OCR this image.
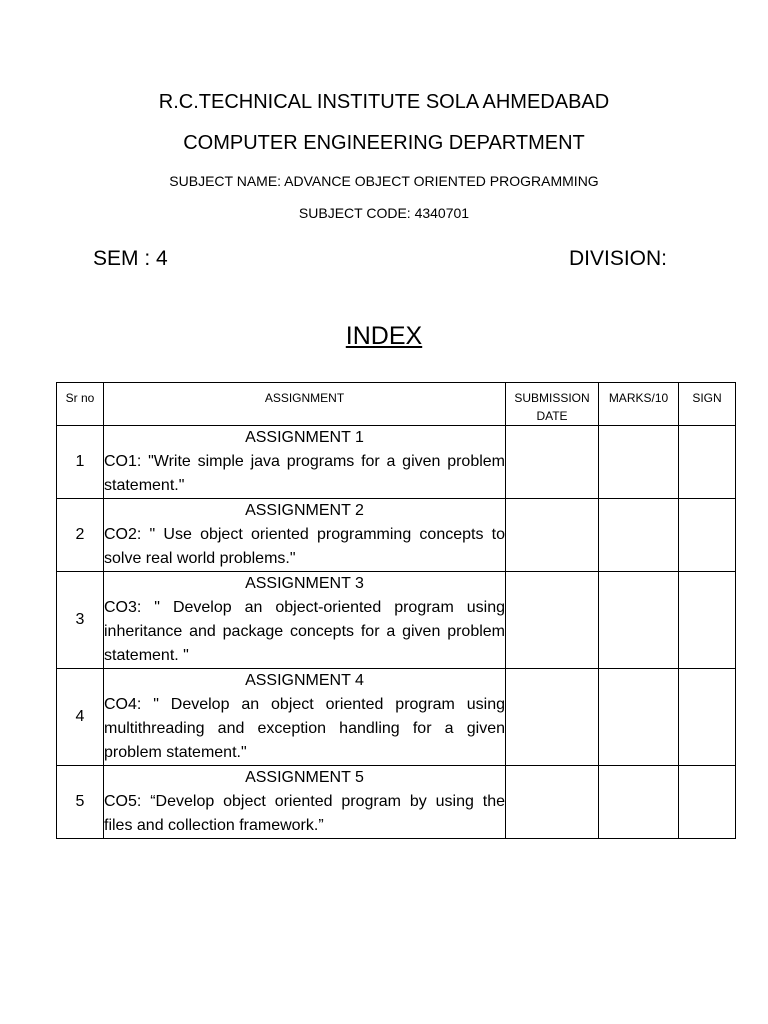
R.C.TECHNICAL INSTITUTE SOLA AHMEDABAD
COMPUTER ENGINEERING DEPARTMENT
SUBJECT NAME: ADVANCE OBJECT ORIENTED PROGRAMMING
SUBJECT CODE: 4340701
SEM : 4	DIVISION:
INDEX
Sr no	ASSIGNMENT	SUBMISSION DATE	MARKS/10	SIGN
1	ASSIGNMENT 1
CO1: "Write simple java programs for a given problem statement."			

2	ASSIGNMENT 2
CO2: " Use object oriented programming concepts to solve real world problems."			

3	ASSIGNMENT 3
CO3: " Develop an object-oriented program using inheritance and package concepts for a given problem statement. "			

4	ASSIGNMENT 4
CO4: " Develop an object oriented program using multithreading and exception handling for a given problem statement."			

5	ASSIGNMENT 5
CO5: “Develop object oriented program by using the files and collection framework.”			
